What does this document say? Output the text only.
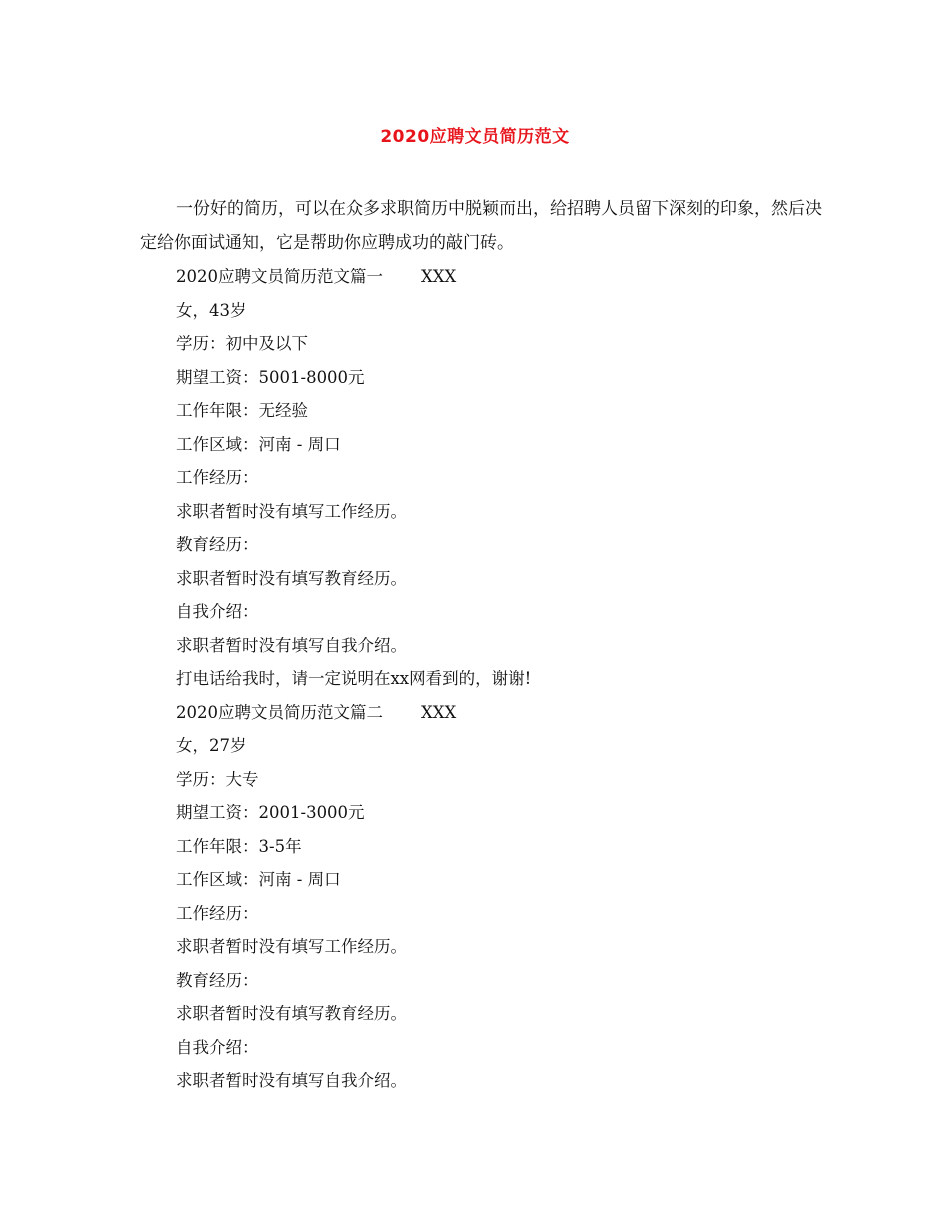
2020应聘文员简历范文
一份好的简历，可以在众多求职简历中脱颖而出，给招聘人员留下深刻的印象，然后决定给你面试通知，它是帮助你应聘成功的敲门砖。
2020应聘文员简历范文篇一 XXX
女，43岁
学历：初中及以下
期望工资：5001-8000元
工作年限：无经验
工作区域：河南 - 周口
工作经历：
求职者暂时没有填写工作经历。
教育经历：
求职者暂时没有填写教育经历。
自我介绍：
求职者暂时没有填写自我介绍。
打电话给我时，请一定说明在xx网看到的，谢谢!
2020应聘文员简历范文篇二 XXX
女，27岁
学历：大专
期望工资：2001-3000元
工作年限：3-5年
工作区域：河南 - 周口
工作经历：
求职者暂时没有填写工作经历。
教育经历：
求职者暂时没有填写教育经历。
自我介绍：
求职者暂时没有填写自我介绍。
